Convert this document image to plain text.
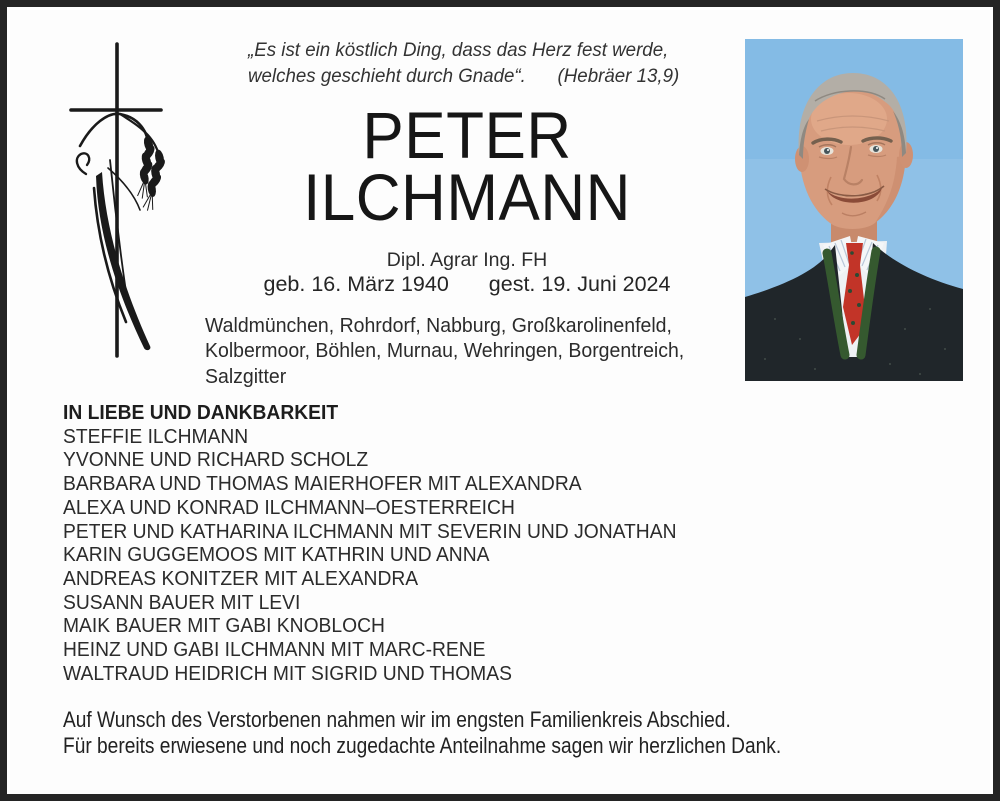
„Es ist ein köstlich Ding, dass das Herz fest werde,
welches geschieht durch Gnade“. (Hebräer 13,9)
PETER
ILCHMANN
Dipl. Agrar Ing. FH
geb. 16. März 1940 gest. 19. Juni 2024
Waldmünchen, Rohrdorf, Nabburg, Großkarolinenfeld,
Kolbermoor, Böhlen, Murnau, Wehringen, Borgentreich,
Salzgitter
IN LIEBE UND DANKBARKEIT
STEFFIE ILCHMANN
YVONNE UND RICHARD SCHOLZ
BARBARA UND THOMAS MAIERHOFER MIT ALEXANDRA
ALEXA UND KONRAD ILCHMANN–OESTERREICH
PETER UND KATHARINA ILCHMANN MIT SEVERIN UND JONATHAN
KARIN GUGGEMOOS MIT KATHRIN UND ANNA
ANDREAS KONITZER MIT ALEXANDRA
SUSANN BAUER MIT LEVI
MAIK BAUER MIT GABI KNOBLOCH
HEINZ UND GABI ILCHMANN MIT MARC-RENE
WALTRAUD HEIDRICH MIT SIGRID UND THOMAS
Auf Wunsch des Verstorbenen nahmen wir im engsten Familienkreis Abschied.
Für bereits erwiesene und noch zugedachte Anteilnahme sagen wir herzlichen Dank.
